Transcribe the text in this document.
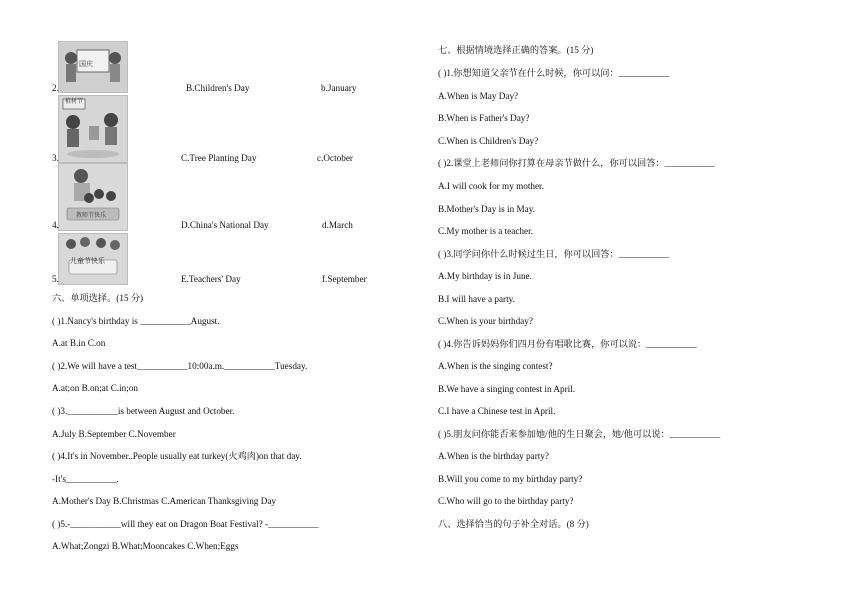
国庆
植树节
教师节快乐
儿童节快乐
2.	B.Children's Day	b.January
3.	C.Tree Planting Day	c.October
4.	D.China's National Day	d.March
5.	E.Teachers' Day	f.September
六、单项选择。(15 分)
( )1.Nancy's birthday is ___________August.
A.at B.in C.on
( )2.We will have a test___________10:00a.m.___________Tuesday.
A.at;on B.on;at C.in;on
( )3.___________is between August and October.
A.July B.September C.November
( )4.It's in November..People usually eat turkey(火鸡肉)on that day.
-It's___________.
A.Mother's Day B.Christmas C.American Thanksgiving Day
( )5.-___________will they eat on Dragon Boat Festival? -___________
A.What;Zongzi B.What;Mooncakes C.When;Eggs
七、根据情境选择正确的答案。(15 分)
( )1.你想知道父亲节在什么时候，你可以问：___________
A.When is May Day?
B.When is Father's Day?
C.When is Children's Day?
( )2.课堂上老师问你打算在母亲节做什么，你可以回答：___________
A.I will cook for my mother.
B.Mother's Day is in May.
C.My mother is a teacher.
( )3.同学问你什么时候过生日，你可以回答：___________
A.My birthday is in June.
B.I will have a party.
C.When is your birthday?
( )4.你告诉妈妈你们四月份有唱歌比赛，你可以说：___________
A.When is the singing contest?
B.We have a singing contest in April.
C.I have a Chinese test in April.
( )5.朋友问你能否来参加她/他的生日聚会，她/他可以说：___________
A.When is the birthday party?
B.Will you come to my birthday party?
C.Who will go to the birthday party?
八、选择恰当的句子补全对话。(8 分)
